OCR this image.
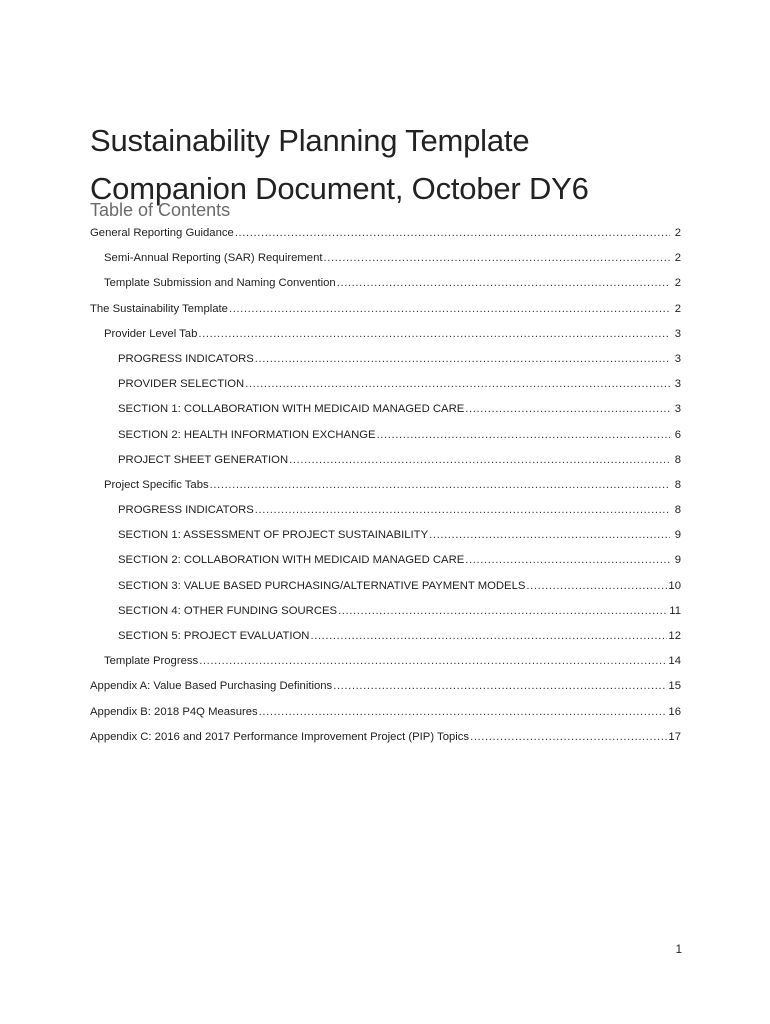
Sustainability Planning Template
Companion Document, October DY6
Table of Contents
General Reporting Guidance .....	2
Semi-Annual Reporting (SAR) Requirement .....	2
Template Submission and Naming Convention .....	2
The Sustainability Template .....	2
Provider Level Tab .....	3
PROGRESS INDICATORS .....	3
PROVIDER SELECTION .....	3
SECTION 1: COLLABORATION WITH MEDICAID MANAGED CARE .....	3
SECTION 2: HEALTH INFORMATION EXCHANGE .....	6
PROJECT SHEET GENERATION .....	8
Project Specific Tabs .....	8
PROGRESS INDICATORS .....	8
SECTION 1: ASSESSMENT OF PROJECT SUSTAINABILITY .....	9
SECTION 2: COLLABORATION WITH MEDICAID MANAGED CARE .....	9
SECTION 3: VALUE BASED PURCHASING/ALTERNATIVE PAYMENT MODELS .....	10
SECTION 4: OTHER FUNDING SOURCES .....	11
SECTION 5: PROJECT EVALUATION .....	12
Template Progress .....	14
Appendix A: Value Based Purchasing Definitions .....	15
Appendix B: 2018 P4Q Measures .....	16
Appendix C: 2016 and 2017 Performance Improvement Project (PIP) Topics .....	17
1
